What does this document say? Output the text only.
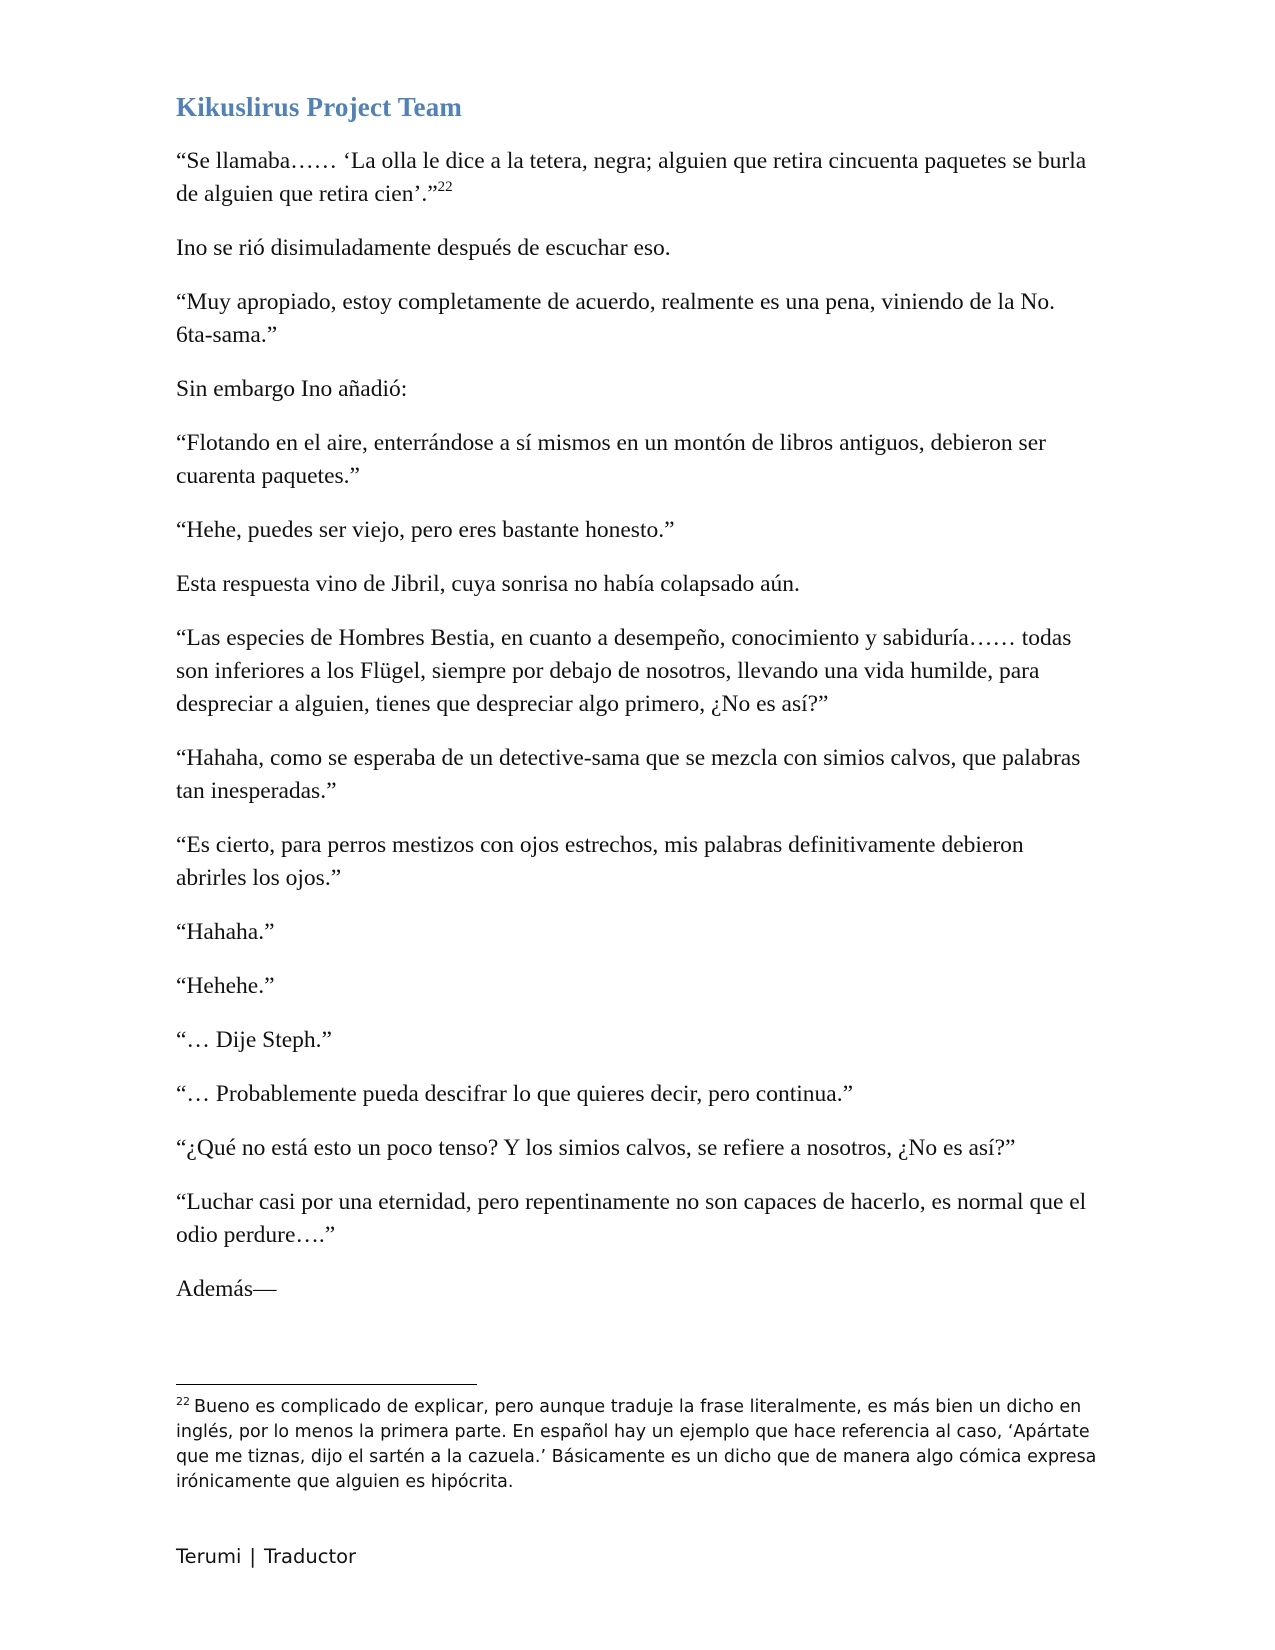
Kikuslirus Project Team

“Se llamaba…… ‘La olla le dice a la tetera, negra; alguien que retira cincuenta paquetes se burla de alguien que retira cien’.”$^{22}$

Ino se rió disimuladamente después de escuchar eso.

“Muy apropiado, estoy completamente de acuerdo, realmente es una pena, viniendo de la No. 6ta-sama.”

Sin embargo Ino añadió:

“Flotando en el aire, enterrándose a sí mismos en un montón de libros antiguos, debieron ser cuarenta paquetes.”

“Hehe, puedes ser viejo, pero eres bastante honesto.”

Esta respuesta vino de Jibril, cuya sonrisa no había colapsado aún.

“Las especies de Hombres Bestia, en cuanto a desempeño, conocimiento y sabiduría…… todas son inferiores a los Flügel, siempre por debajo de nosotros, llevando una vida humilde, para despreciar a alguien, tienes que despreciar algo primero, ¿No es así?”

“Hahaha, como se esperaba de un detective-sama que se mezcla con simios calvos, que palabras tan inesperadas.”

“Es cierto, para perros mestizos con ojos estrechos, mis palabras definitivamente debieron abrirles los ojos.”

“Hahaha.”

“Hehehe.”

“… Dije Steph.”

“… Probablemente pueda descifrar lo que quieres decir, pero continua.”

“¿Qué no está esto un poco tenso? Y los simios calvos, se refiere a nosotros, ¿No es así?”

“Luchar casi por una eternidad, pero repentinamente no son capaces de hacerlo, es normal que el odio perdure….”

Además—

$^{22}$ Bueno es complicado de explicar, pero aunque traduje la frase literalmente, es más bien un dicho en inglés, por lo menos la primera parte. En español hay un ejemplo que hace referencia al caso, ‘Apártate que me tiznas, dijo el sartén a la cazuela.’ Básicamente es un dicho que de manera algo cómica expresa irónicamente que alguien es hipócrita.
Terumi | Traductor
